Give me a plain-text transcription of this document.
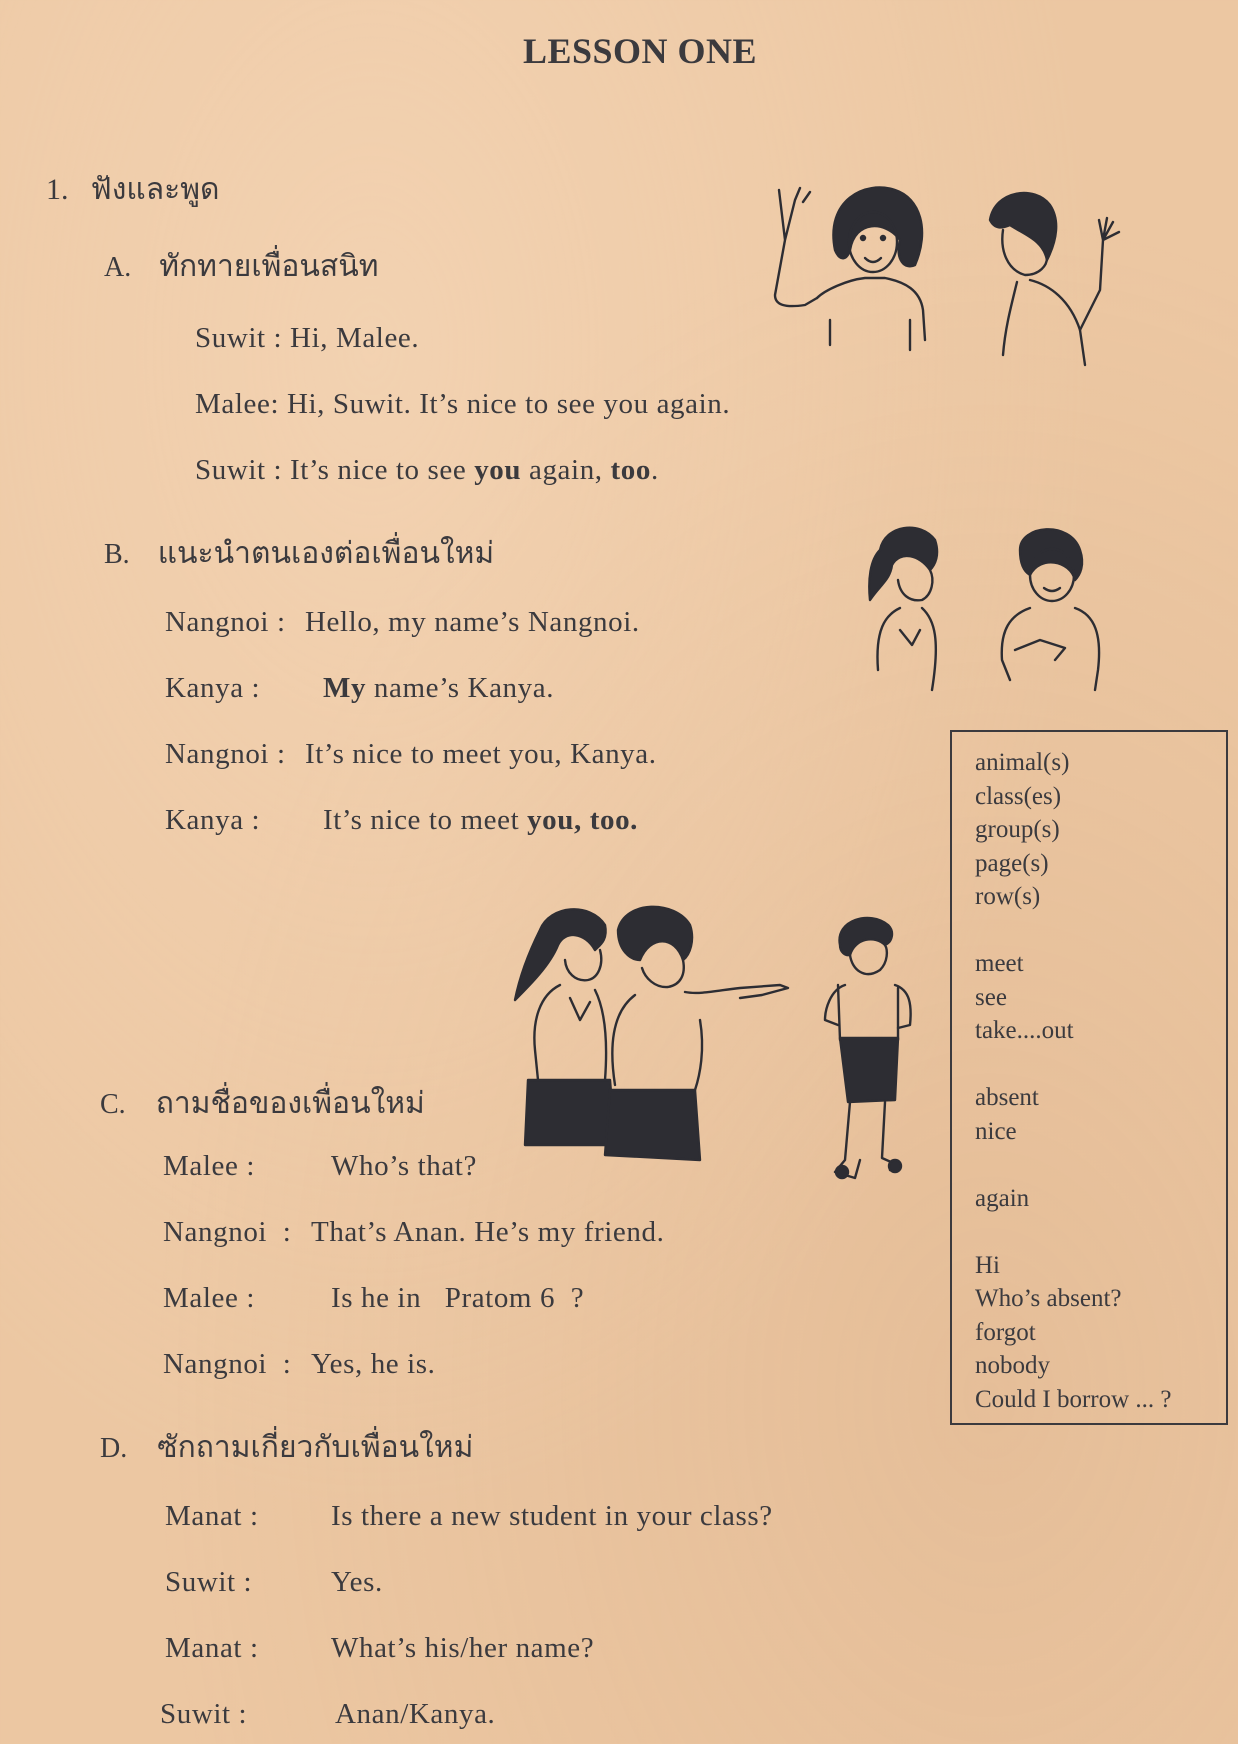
LESSON ONE
1. ฟังและพูด
A. ทักทายเพื่อนสนิท
Suwit : Hi, Malee.
Malee: Hi, Suwit. It’s nice to see you again.
Suwit : It’s nice to see you again, too.
B. แนะนำตนเองต่อเพื่อนใหม่
Nangnoi : Hello, my name’s Nangnoi.
Kanya : My name’s Kanya.
Nangnoi : It’s nice to meet you, Kanya.
Kanya : It’s nice to meet you, too.
C. ถามชื่อของเพื่อนใหม่
Malee :	Who’s that?
Nangnoi : That’s Anan. He’s my friend.
Malee :	Is he in   Pratom 6  ?
Nangnoi : Yes, he is.
D. ซักถามเกี่ยวกับเพื่อนใหม่
Manat : Is there a new student in your class?
Suwit :	Yes.
Manat : What’s his/her name?
Suwit :	Anan/Kanya.
animal(s)
class(es)
group(s)
page(s)
row(s)
meet
see
take....out
absent
nice
again
Hi
Who’s absent?
forgot
nobody
Could I borrow ... ?
